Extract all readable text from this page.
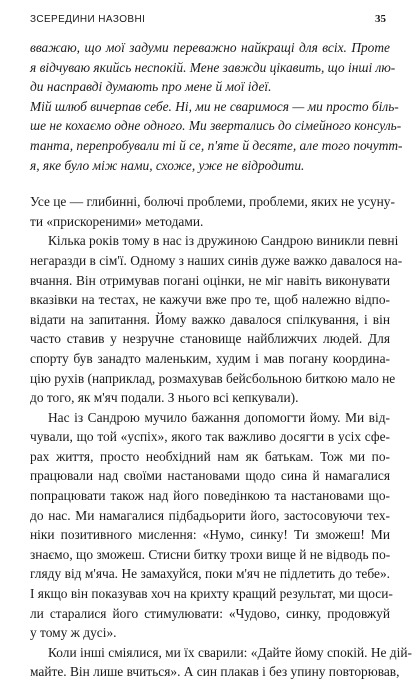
ЗСЕРЕДИНИ НАЗОВНІ	35
вважаю, що мої задуми переважно найкращі для всіх. Проте
я відчуваю якийсь неспокій. Мене завжди цікавить, що інші лю-
ди насправді думають про мене й мої ідеї.
Мій шлюб вичерпав себе. Ні, ми не сваримося — ми просто біль-
ше не кохаємо одне одного. Ми звертались до сімейного консуль-
танта, перепробували ті й се, п'яте й десяте, але того почутт-
я, яке було між нами, схоже, уже не відродити.
Усе це — глибинні, болючі проблеми, проблеми, яких не усуну-
ти «прискореними» методами.
Кілька років тому в нас із дружиною Сандрою виникли певні
негаразди в сім'ї. Одному з наших синів дуже важко давалося на-
вчання. Він отримував погані оцінки, не міг навіть виконувати
вказівки на тестах, не кажучи вже про те, щоб належно відпо-
відати на запитання. Йому важко давалося спілкування, і він
часто ставив у незручне становище найближчих людей. Для
спорту був занадто маленьким, худим і мав погану координа-
цію рухів (наприклад, розмахував бейсбольною биткою мало не
до того, як м'яч подали. З нього всі кепкували).
Нас із Сандрою мучило бажання допомогти йому. Ми від-
чували, що той «успіх», якого так важливо досягти в усіх сфе-
рах життя, просто необхідний нам як батькам. Тож ми по-
працювали над своїми настановами щодо сина й намагалися
попрацювати також над його поведінкою та настановами що-
до нас. Ми намагалися підбадьорити його, застосовуючи тех-
ніки позитивного мислення: «Нумо, синку! Ти зможеш! Ми
знаємо, що зможеш. Стисни битку трохи вище й не відводь по-
гляду від м'яча. Не замахуйся, поки м'яч не підлетить до тебе».
І якщо він показував хоч на крихту кращий результат, ми щоси-
ли старалися його стимулювати: «Чудово, синку, продовжуй
у тому ж дусі».
Коли інші сміялися, ми їх сварили: «Дайте йому спокій. Не дій-
майте. Він лише вчиться». А син плакав і без упину повторював,
